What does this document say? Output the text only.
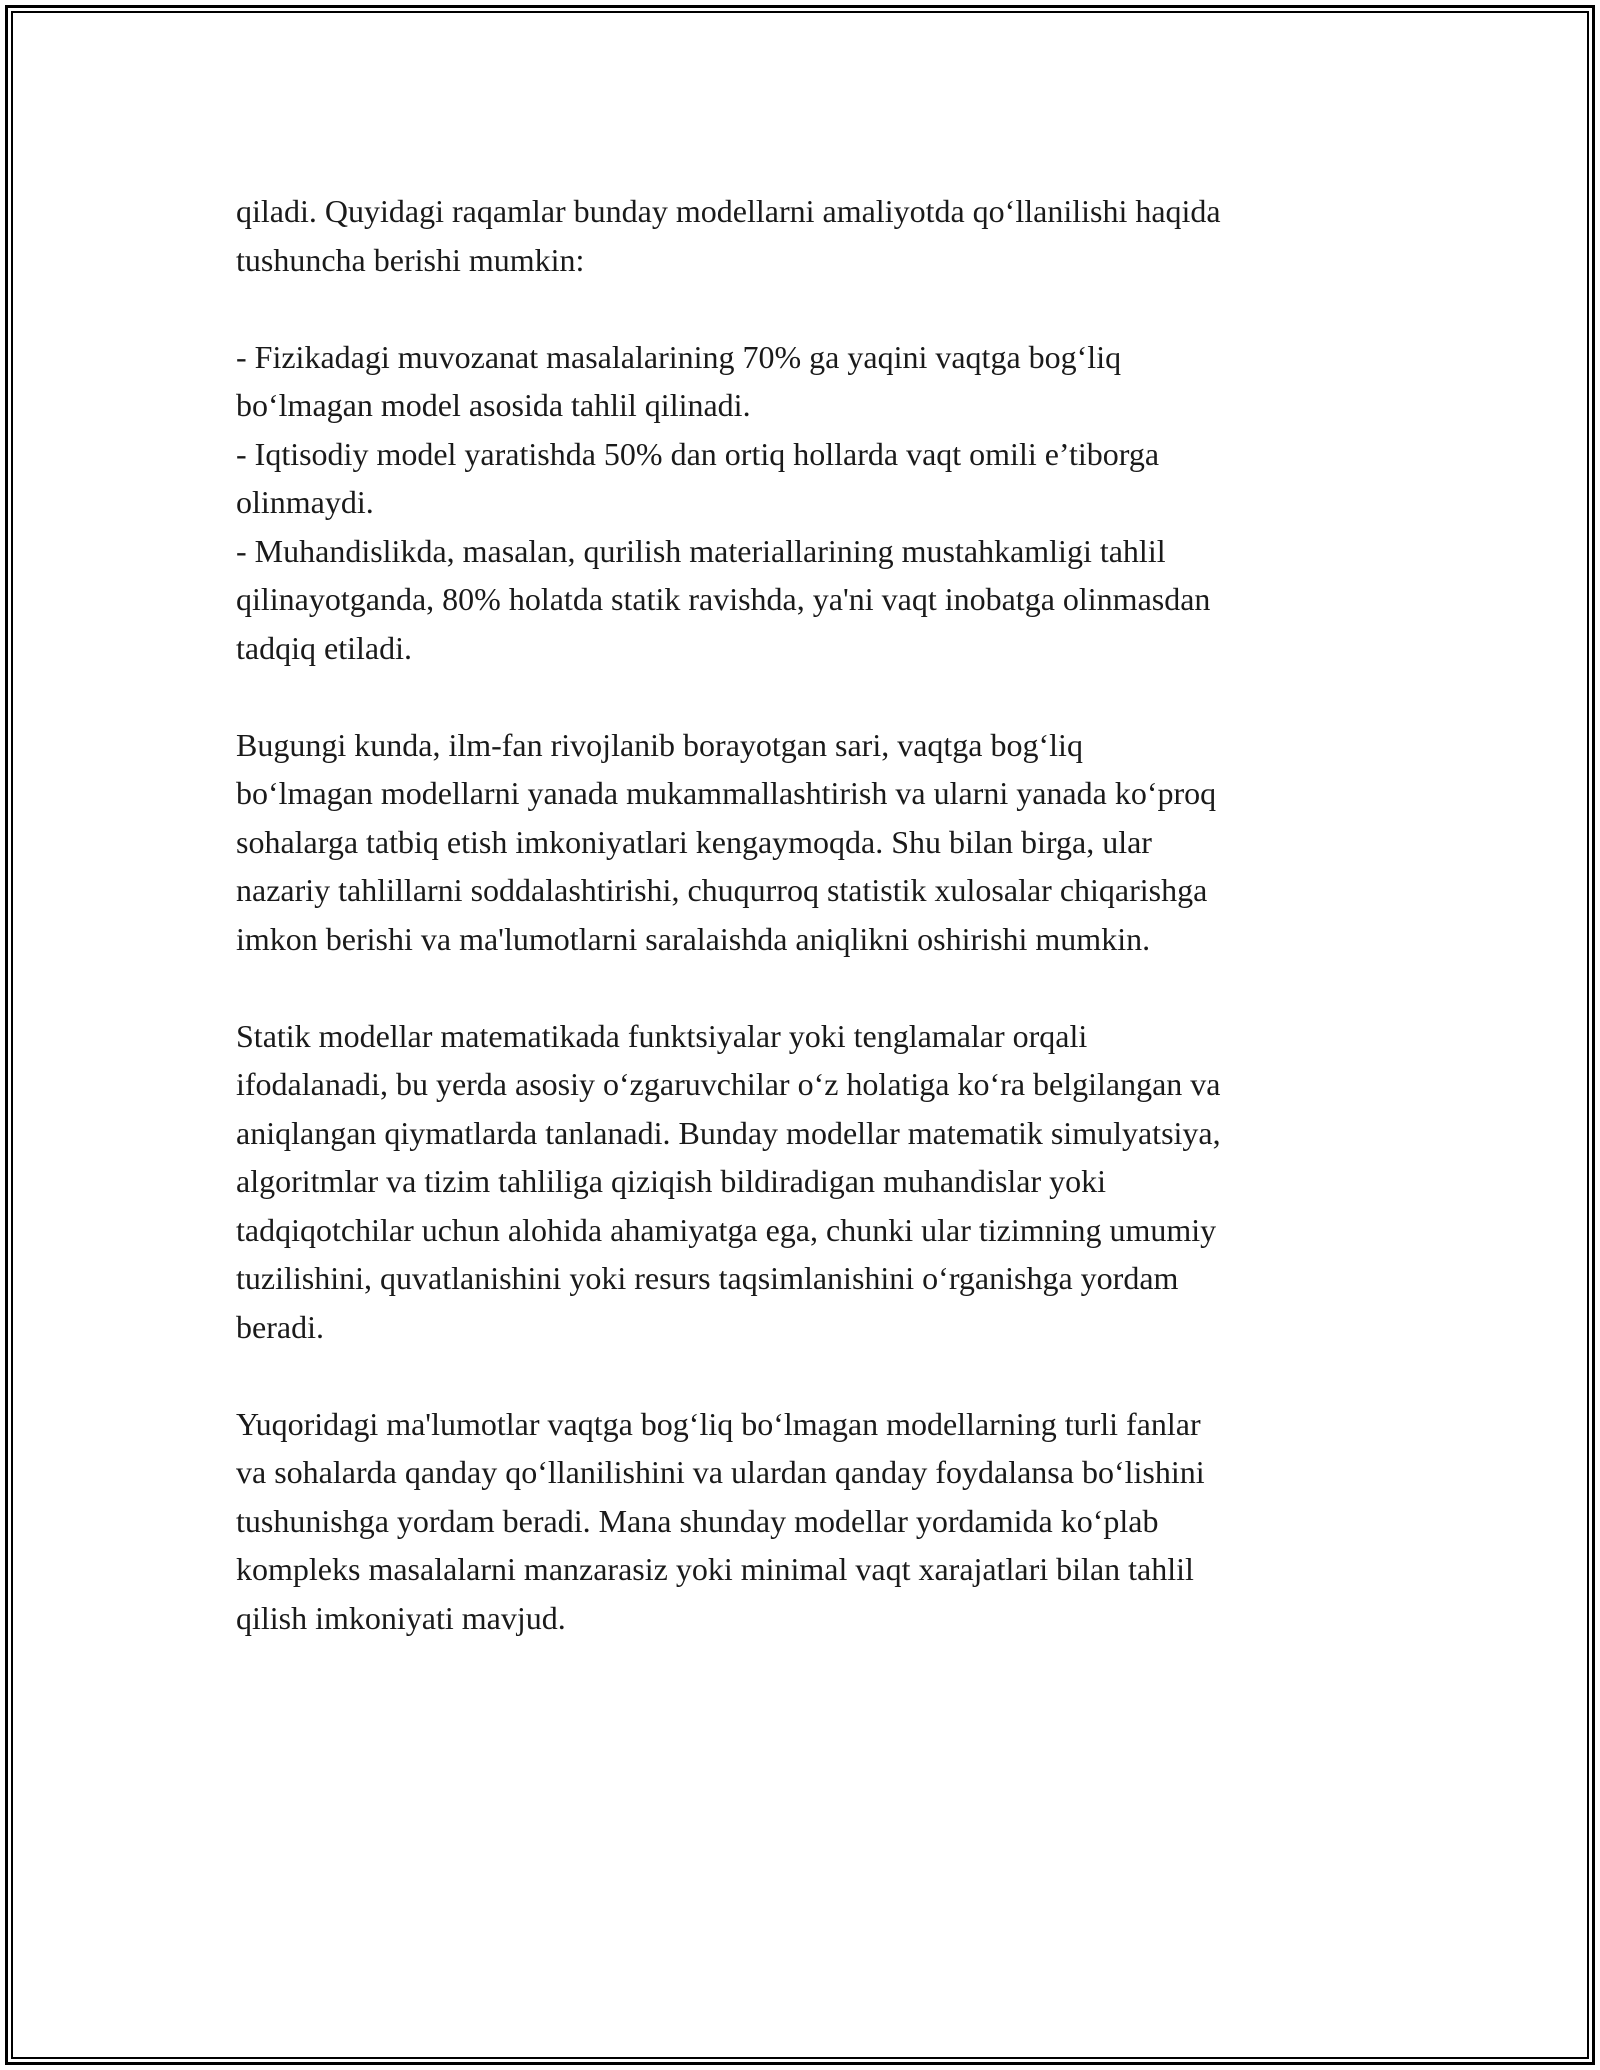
qiladi. Quyidagi raqamlar bunday modellarni amaliyotda qo‘llanilishi haqida
tushuncha berishi mumkin:

- Fizikadagi muvozanat masalalarining 70% ga yaqini vaqtga bog‘liq
bo‘lmagan model asosida tahlil qilinadi.
- Iqtisodiy model yaratishda 50% dan ortiq hollarda vaqt omili e’tiborga
olinmaydi.
- Muhandislikda, masalan, qurilish materiallarining mustahkamligi tahlil
qilinayotganda, 80% holatda statik ravishda, ya'ni vaqt inobatga olinmasdan
tadqiq etiladi.

Bugungi kunda, ilm-fan rivojlanib borayotgan sari, vaqtga bog‘liq
bo‘lmagan modellarni yanada mukammallashtirish va ularni yanada ko‘proq
sohalarga tatbiq etish imkoniyatlari kengaymoqda. Shu bilan birga, ular
nazariy tahlillarni soddalashtirishi, chuqurroq statistik xulosalar chiqarishga
imkon berishi va ma'lumotlarni saralaishda aniqlikni oshirishi mumkin.

Statik modellar matematikada funktsiyalar yoki tenglamalar orqali
ifodalanadi, bu yerda asosiy o‘zgaruvchilar o‘z holatiga ko‘ra belgilangan va
aniqlangan qiymatlarda tanlanadi. Bunday modellar matematik simulyatsiya,
algoritmlar va tizim tahliliga qiziqish bildiradigan muhandislar yoki
tadqiqotchilar uchun alohida ahamiyatga ega, chunki ular tizimning umumiy
tuzilishini, quvatlanishini yoki resurs taqsimlanishini o‘rganishga yordam
beradi.

Yuqoridagi ma'lumotlar vaqtga bog‘liq bo‘lmagan modellarning turli fanlar
va sohalarda qanday qo‘llanilishini va ulardan qanday foydalansa bo‘lishini
tushunishga yordam beradi. Mana shunday modellar yordamida ko‘plab
kompleks masalalarni manzarasiz yoki minimal vaqt xarajatlari bilan tahlil
qilish imkoniyati mavjud.
